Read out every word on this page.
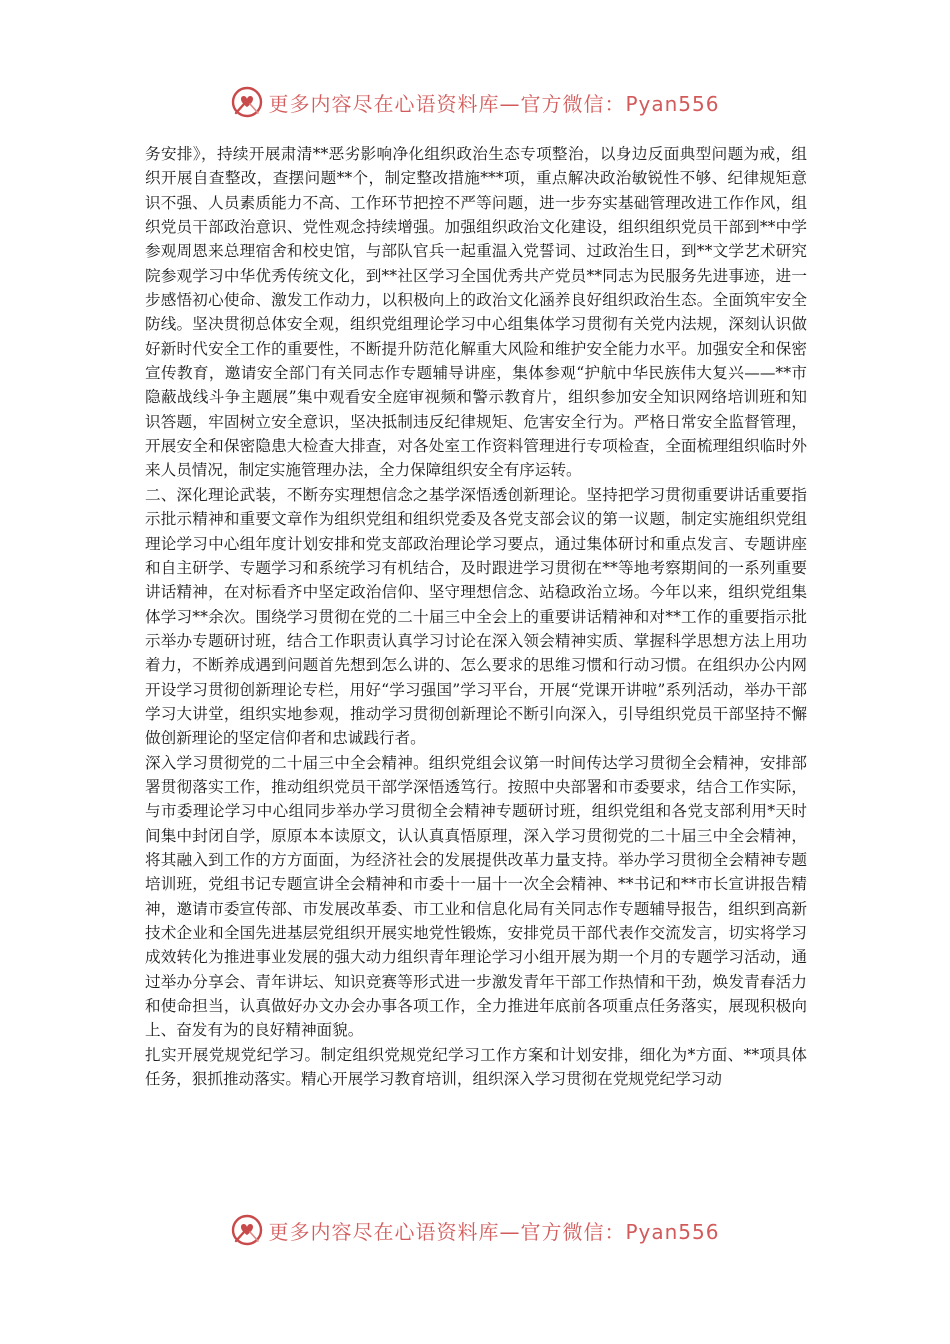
更多内容尽在心语资料库—官方微信：Pyan556

务安排》，持续开展肃清**恶劣影响净化组织政治生态专项整治，以身边反面典型问题为戒，组织开展自查整改，查摆问题**个，制定整改措施***项，重点解决政治敏锐性不够、纪律规矩意识不强、人员素质能力不高、工作环节把控不严等问题，进一步夯实基础管理改进工作作风，组织党员干部政治意识、党性观念持续增强。加强组织政治文化建设，组织组织党员干部到**中学参观周恩来总理宿舍和校史馆，与部队官兵一起重温入党誓词、过政治生日，到**文学艺术研究院参观学习中华优秀传统文化，到**社区学习全国优秀共产党员**同志为民服务先进事迹，进一步感悟初心使命、激发工作动力，以积极向上的政治文化涵养良好组织政治生态。全面筑牢安全防线。坚决贯彻总体安全观，组织党组理论学习中心组集体学习贯彻有关党内法规，深刻认识做好新时代安全工作的重要性，不断提升防范化解重大风险和维护安全能力水平。加强安全和保密宣传教育，邀请安全部门有关同志作专题辅导讲座，集体参观“护航中华民族伟大复兴——**市隐蔽战线斗争主题展”集中观看安全庭审视频和警示教育片，组织参加安全知识网络培训班和知识答题，牢固树立安全意识，坚决抵制违反纪律规矩、危害安全行为。严格日常安全监督管理，开展安全和保密隐患大检查大排查，对各处室工作资料管理进行专项检查，全面梳理组织临时外来人员情况，制定实施管理办法，全力保障组织安全有序运转。

二、深化理论武装，不断夯实理想信念之基学深悟透创新理论。坚持把学习贯彻重要讲话重要指示批示精神和重要文章作为组织党组和组织党委及各党支部会议的第一议题，制定实施组织党组理论学习中心组年度计划安排和党支部政治理论学习要点，通过集体研讨和重点发言、专题讲座和自主研学、专题学习和系统学习有机结合，及时跟进学习贯彻在**等地考察期间的一系列重要讲话精神，在对标看齐中坚定政治信仰、坚守理想信念、站稳政治立场。今年以来，组织党组集体学习**余次。围绕学习贯彻在党的二十届三中全会上的重要讲话精神和对**工作的重要指示批示举办专题研讨班，结合工作职责认真学习讨论在深入领会精神实质、掌握科学思想方法上用功着力，不断养成遇到问题首先想到怎么讲的、怎么要求的思维习惯和行动习惯。在组织办公内网开设学习贯彻创新理论专栏，用好“学习强国”学习平台，开展“党课开讲啦”系列活动，举办干部学习大讲堂，组织实地参观，推动学习贯彻创新理论不断引向深入，引导组织党员干部坚持不懈做创新理论的坚定信仰者和忠诚践行者。

深入学习贯彻党的二十届三中全会精神。组织党组会议第一时间传达学习贯彻全会精神，安排部署贯彻落实工作，推动组织党员干部学深悟透笃行。按照中央部署和市委要求，结合工作实际，与市委理论学习中心组同步举办学习贯彻全会精神专题研讨班，组织党组和各党支部利用*天时间集中封闭自学，原原本本读原文，认认真真悟原理，深入学习贯彻党的二十届三中全会精神，将其融入到工作的方方面面，为经济社会的发展提供改革力量支持。举办学习贯彻全会精神专题培训班，党组书记专题宣讲全会精神和市委十一届十一次全会精神、**书记和**市长宣讲报告精神，邀请市委宣传部、市发展改革委、市工业和信息化局有关同志作专题辅导报告，组织到高新技术企业和全国先进基层党组织开展实地党性锻炼，安排党员干部代表作交流发言，切实将学习成效转化为推进事业发展的强大动力组织青年理论学习小组开展为期一个月的专题学习活动，通过举办分享会、青年讲坛、知识竞赛等形式进一步激发青年干部工作热情和干劲，焕发青春活力和使命担当，认真做好办文办会办事各项工作，全力推进年底前各项重点任务落实，展现积极向上、奋发有为的良好精神面貌。

扎实开展党规党纪学习。制定组织党规党纪学习工作方案和计划安排，细化为*方面、**项具体任务，狠抓推动落实。精心开展学习教育培训，组织深入学习贯彻在党规党纪学习动

更多内容尽在心语资料库—官方微信：Pyan556
